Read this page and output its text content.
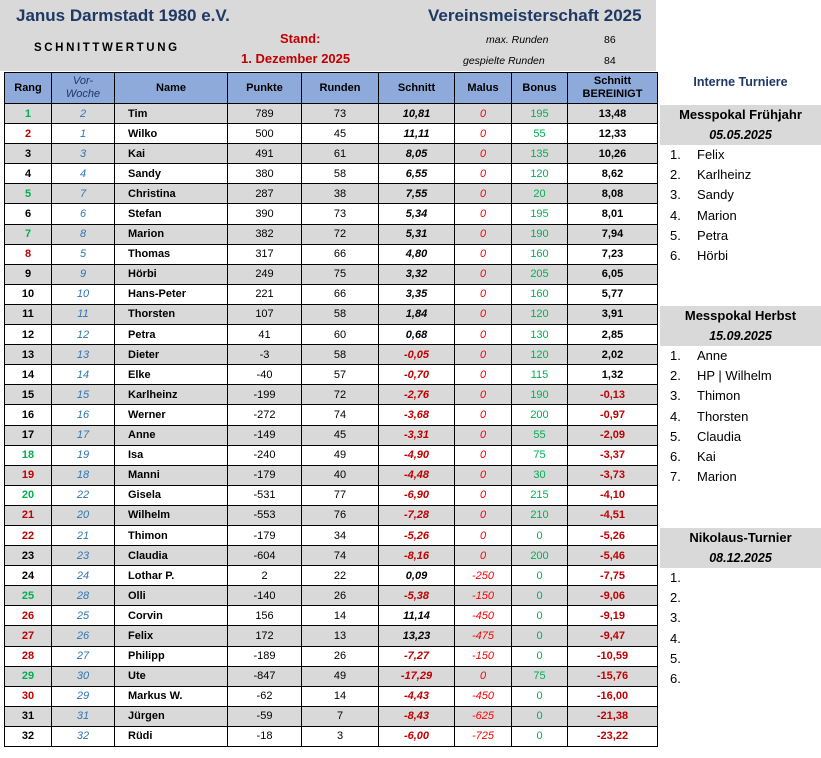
Janus Darmstadt 1980 e.V.	Vereinsmeisterschaft 2025
SCHNITTWERTUNG
Stand:
1. Dezember 2025
max. Runden	86
gespielte Runden	84
Rang	Vor-
Woche	Name	Punkte	Runden	Schnitt	Malus	Bonus	Schnitt
BEREINIGT
1	2	Tim	789	73	10,81	0	195	13,48
2	1	Wilko	500	45	11,11	0	55	12,33
3	3	Kai	491	61	8,05	0	135	10,26
4	4	Sandy	380	58	6,55	0	120	8,62
5	7	Christina	287	38	7,55	0	20	8,08
6	6	Stefan	390	73	5,34	0	195	8,01
7	8	Marion	382	72	5,31	0	190	7,94
8	5	Thomas	317	66	4,80	0	160	7,23
9	9	Hörbi	249	75	3,32	0	205	6,05
10	10	Hans-Peter	221	66	3,35	0	160	5,77
11	11	Thorsten	107	58	1,84	0	120	3,91
12	12	Petra	41	60	0,68	0	130	2,85
13	13	Dieter	-3	58	-0,05	0	120	2,02
14	14	Elke	-40	57	-0,70	0	115	1,32
15	15	Karlheinz	-199	72	-2,76	0	190	-0,13
16	16	Werner	-272	74	-3,68	0	200	-0,97
17	17	Anne	-149	45	-3,31	0	55	-2,09
18	19	Isa	-240	49	-4,90	0	75	-3,37
19	18	Manni	-179	40	-4,48	0	30	-3,73
20	22	Gisela	-531	77	-6,90	0	215	-4,10
21	20	Wilhelm	-553	76	-7,28	0	210	-4,51
22	21	Thimon	-179	34	-5,26	0	0	-5,26
23	23	Claudia	-604	74	-8,16	0	200	-5,46
24	24	Lothar P.	2	22	0,09	-250	0	-7,75
25	28	Olli	-140	26	-5,38	-150	0	-9,06
26	25	Corvin	156	14	11,14	-450	0	-9,19
27	26	Felix	172	13	13,23	-475	0	-9,47
28	27	Philipp	-189	26	-7,27	-150	0	-10,59
29	30	Ute	-847	49	-17,29	0	75	-15,76
30	29	Markus W.	-62	14	-4,43	-450	0	-16,00
31	31	Jürgen	-59	7	-8,43	-625	0	-21,38
32	32	Rüdi	-18	3	-6,00	-725	0	-23,22
Interne Turniere
Messpokal Frühjahr
05.05.2025
1. Felix
2. Karlheinz
3. Sandy
4. Marion
5. Petra
6. Hörbi
Messpokal Herbst
15.09.2025
1. Anne
2. HP | Wilhelm
3. Thimon
4. Thorsten
5. Claudia
6. Kai
7. Marion
Nikolaus-Turnier
08.12.2025
1.
2.
3.
4.
5.
6.
